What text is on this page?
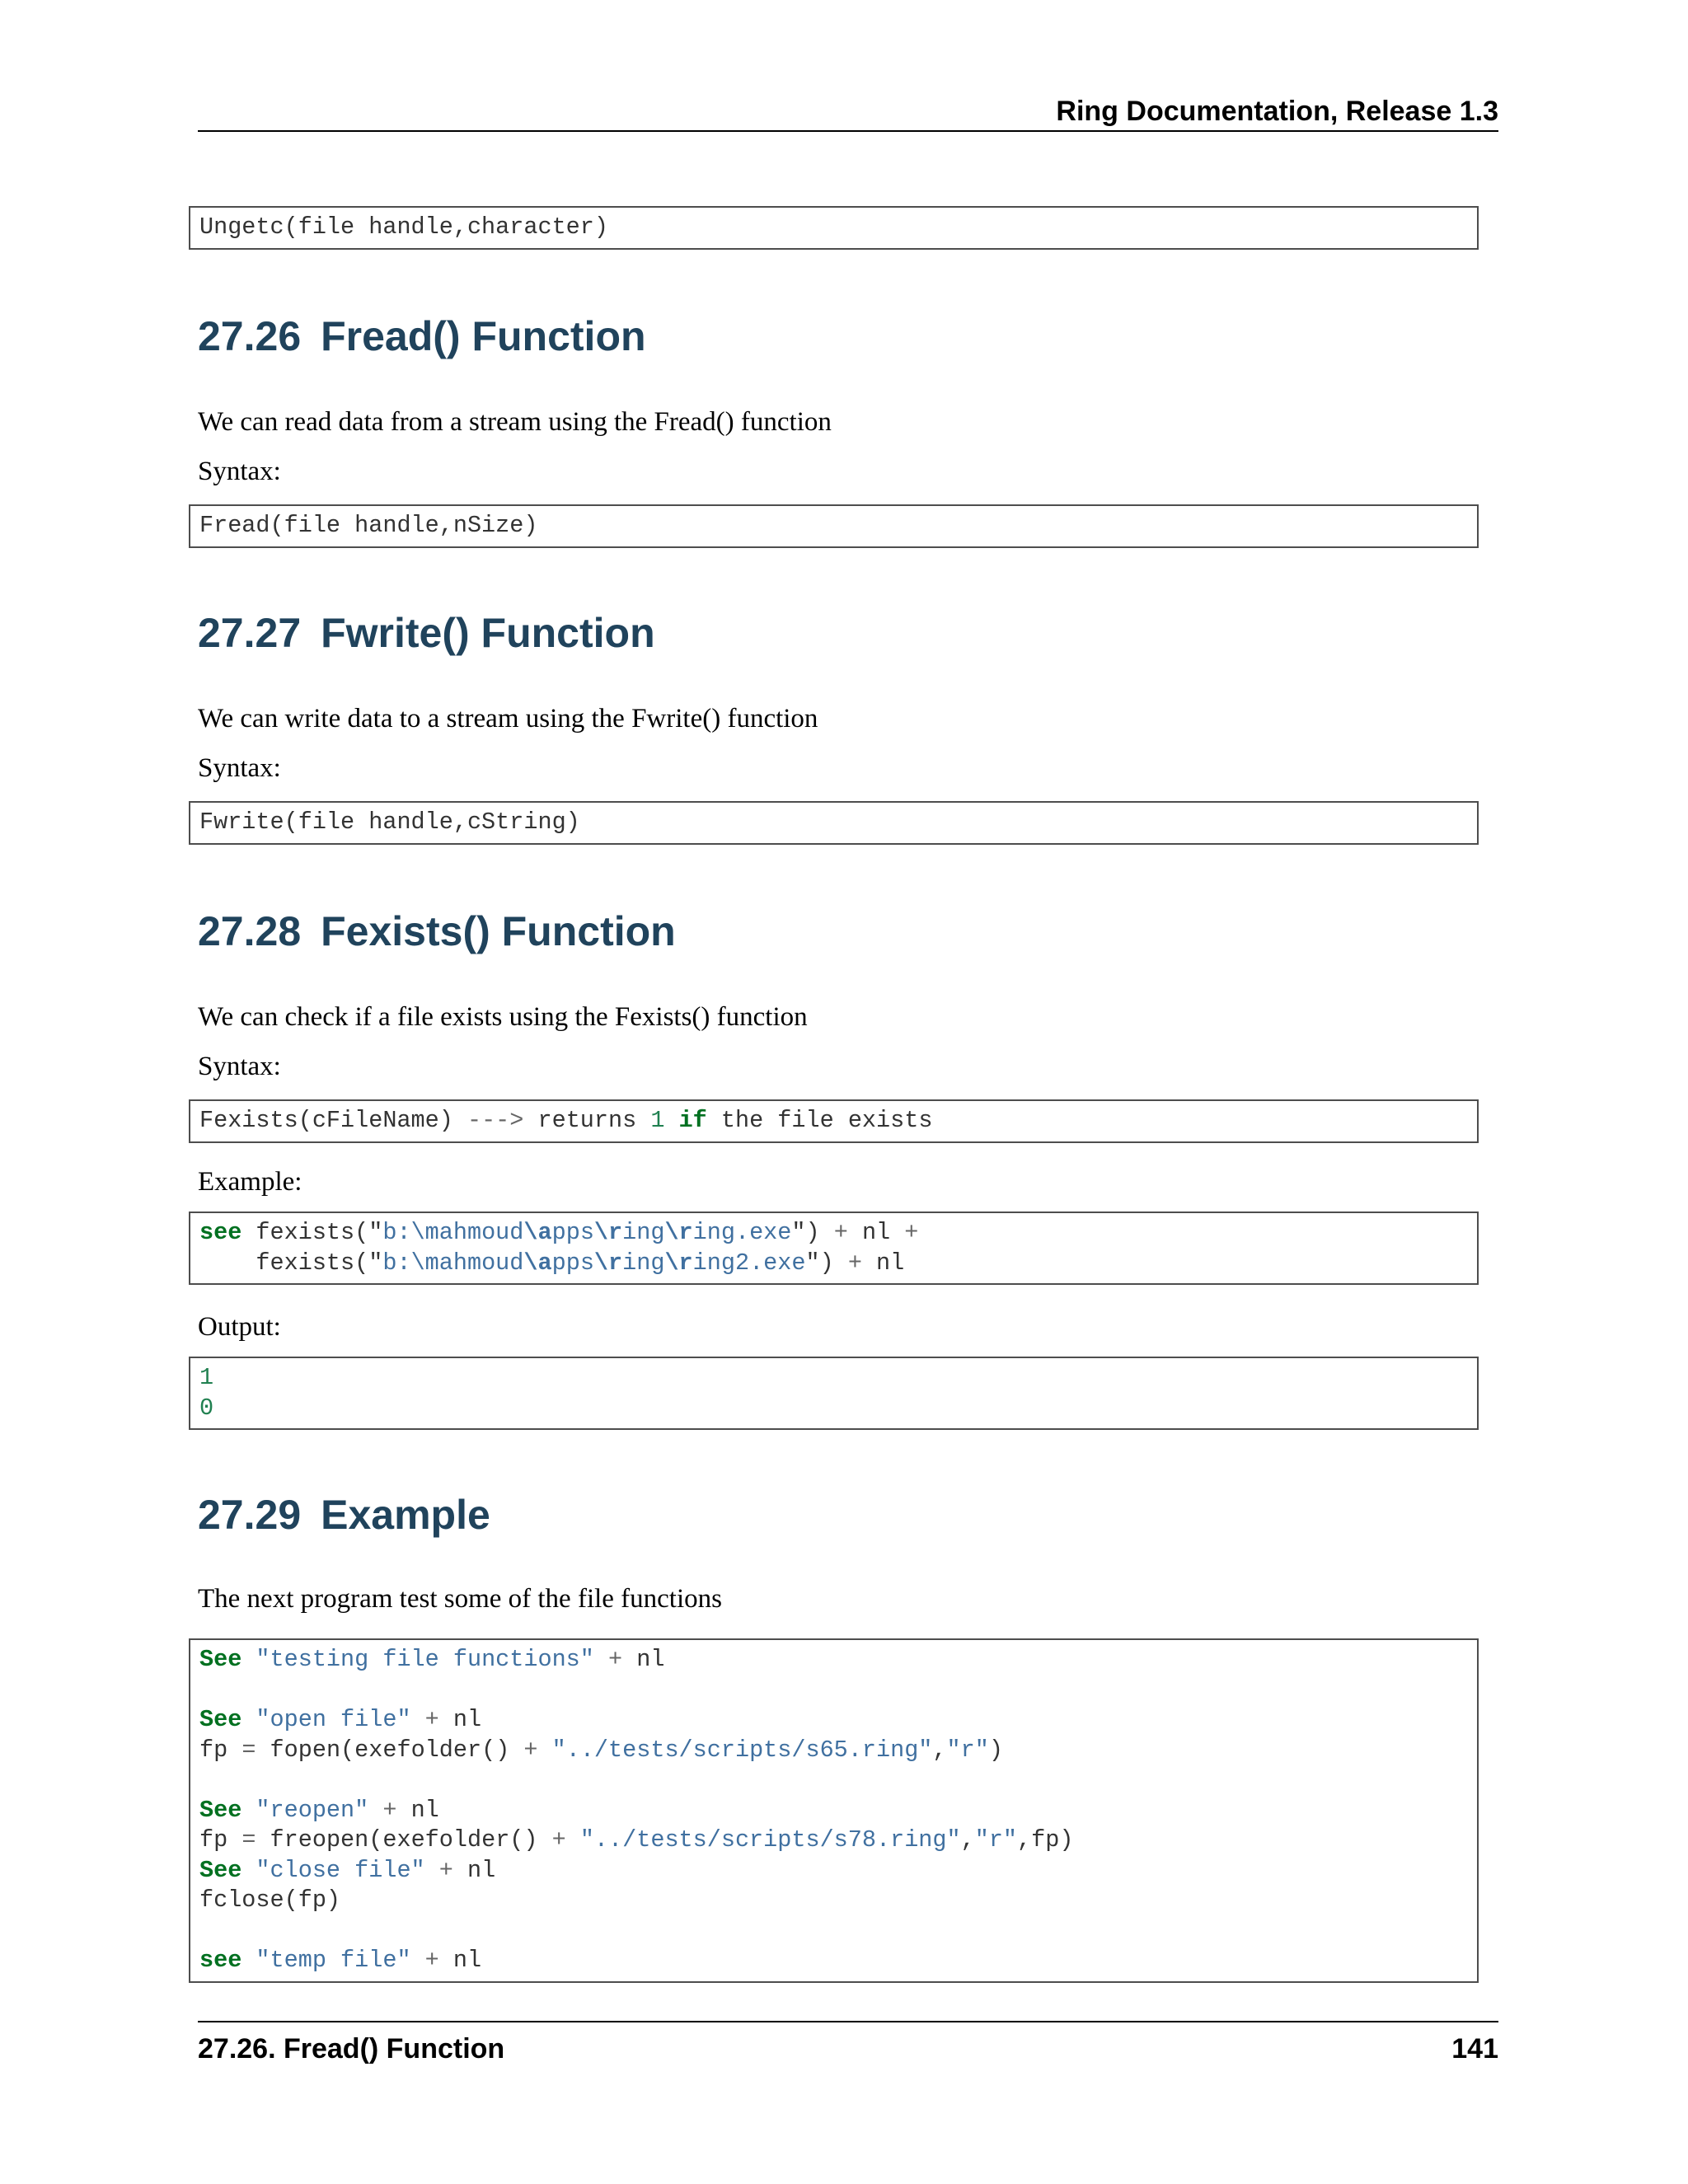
Ring Documentation, Release 1.3
Ungetc(file handle,character)
27.26 Fread() Function
We can read data from a stream using the Fread() function
Syntax:
Fread(file handle,nSize)
27.27 Fwrite() Function
We can write data to a stream using the Fwrite() function
Syntax:
Fwrite(file handle,cString)
27.28 Fexists() Function
We can check if a file exists using the Fexists() function
Syntax:
Fexists(cFileName) ---> returns 1 if the file exists
Example:
see fexists("b:\mahmoud\apps\ring\ring.exe") + nl +
fexists("b:\mahmoud\apps\ring\ring2.exe") + nl
Output:
1
0
27.29 Example
The next program test some of the file functions
See "testing file functions" + nl

See "open file" + nl
fp = fopen(exefolder() + "../tests/scripts/s65.ring","r")

See "reopen" + nl
fp = freopen(exefolder() + "../tests/scripts/s78.ring","r",fp)
See "close file" + nl
fclose(fp)

see "temp file" + nl
27.26. Fread() Function	141
